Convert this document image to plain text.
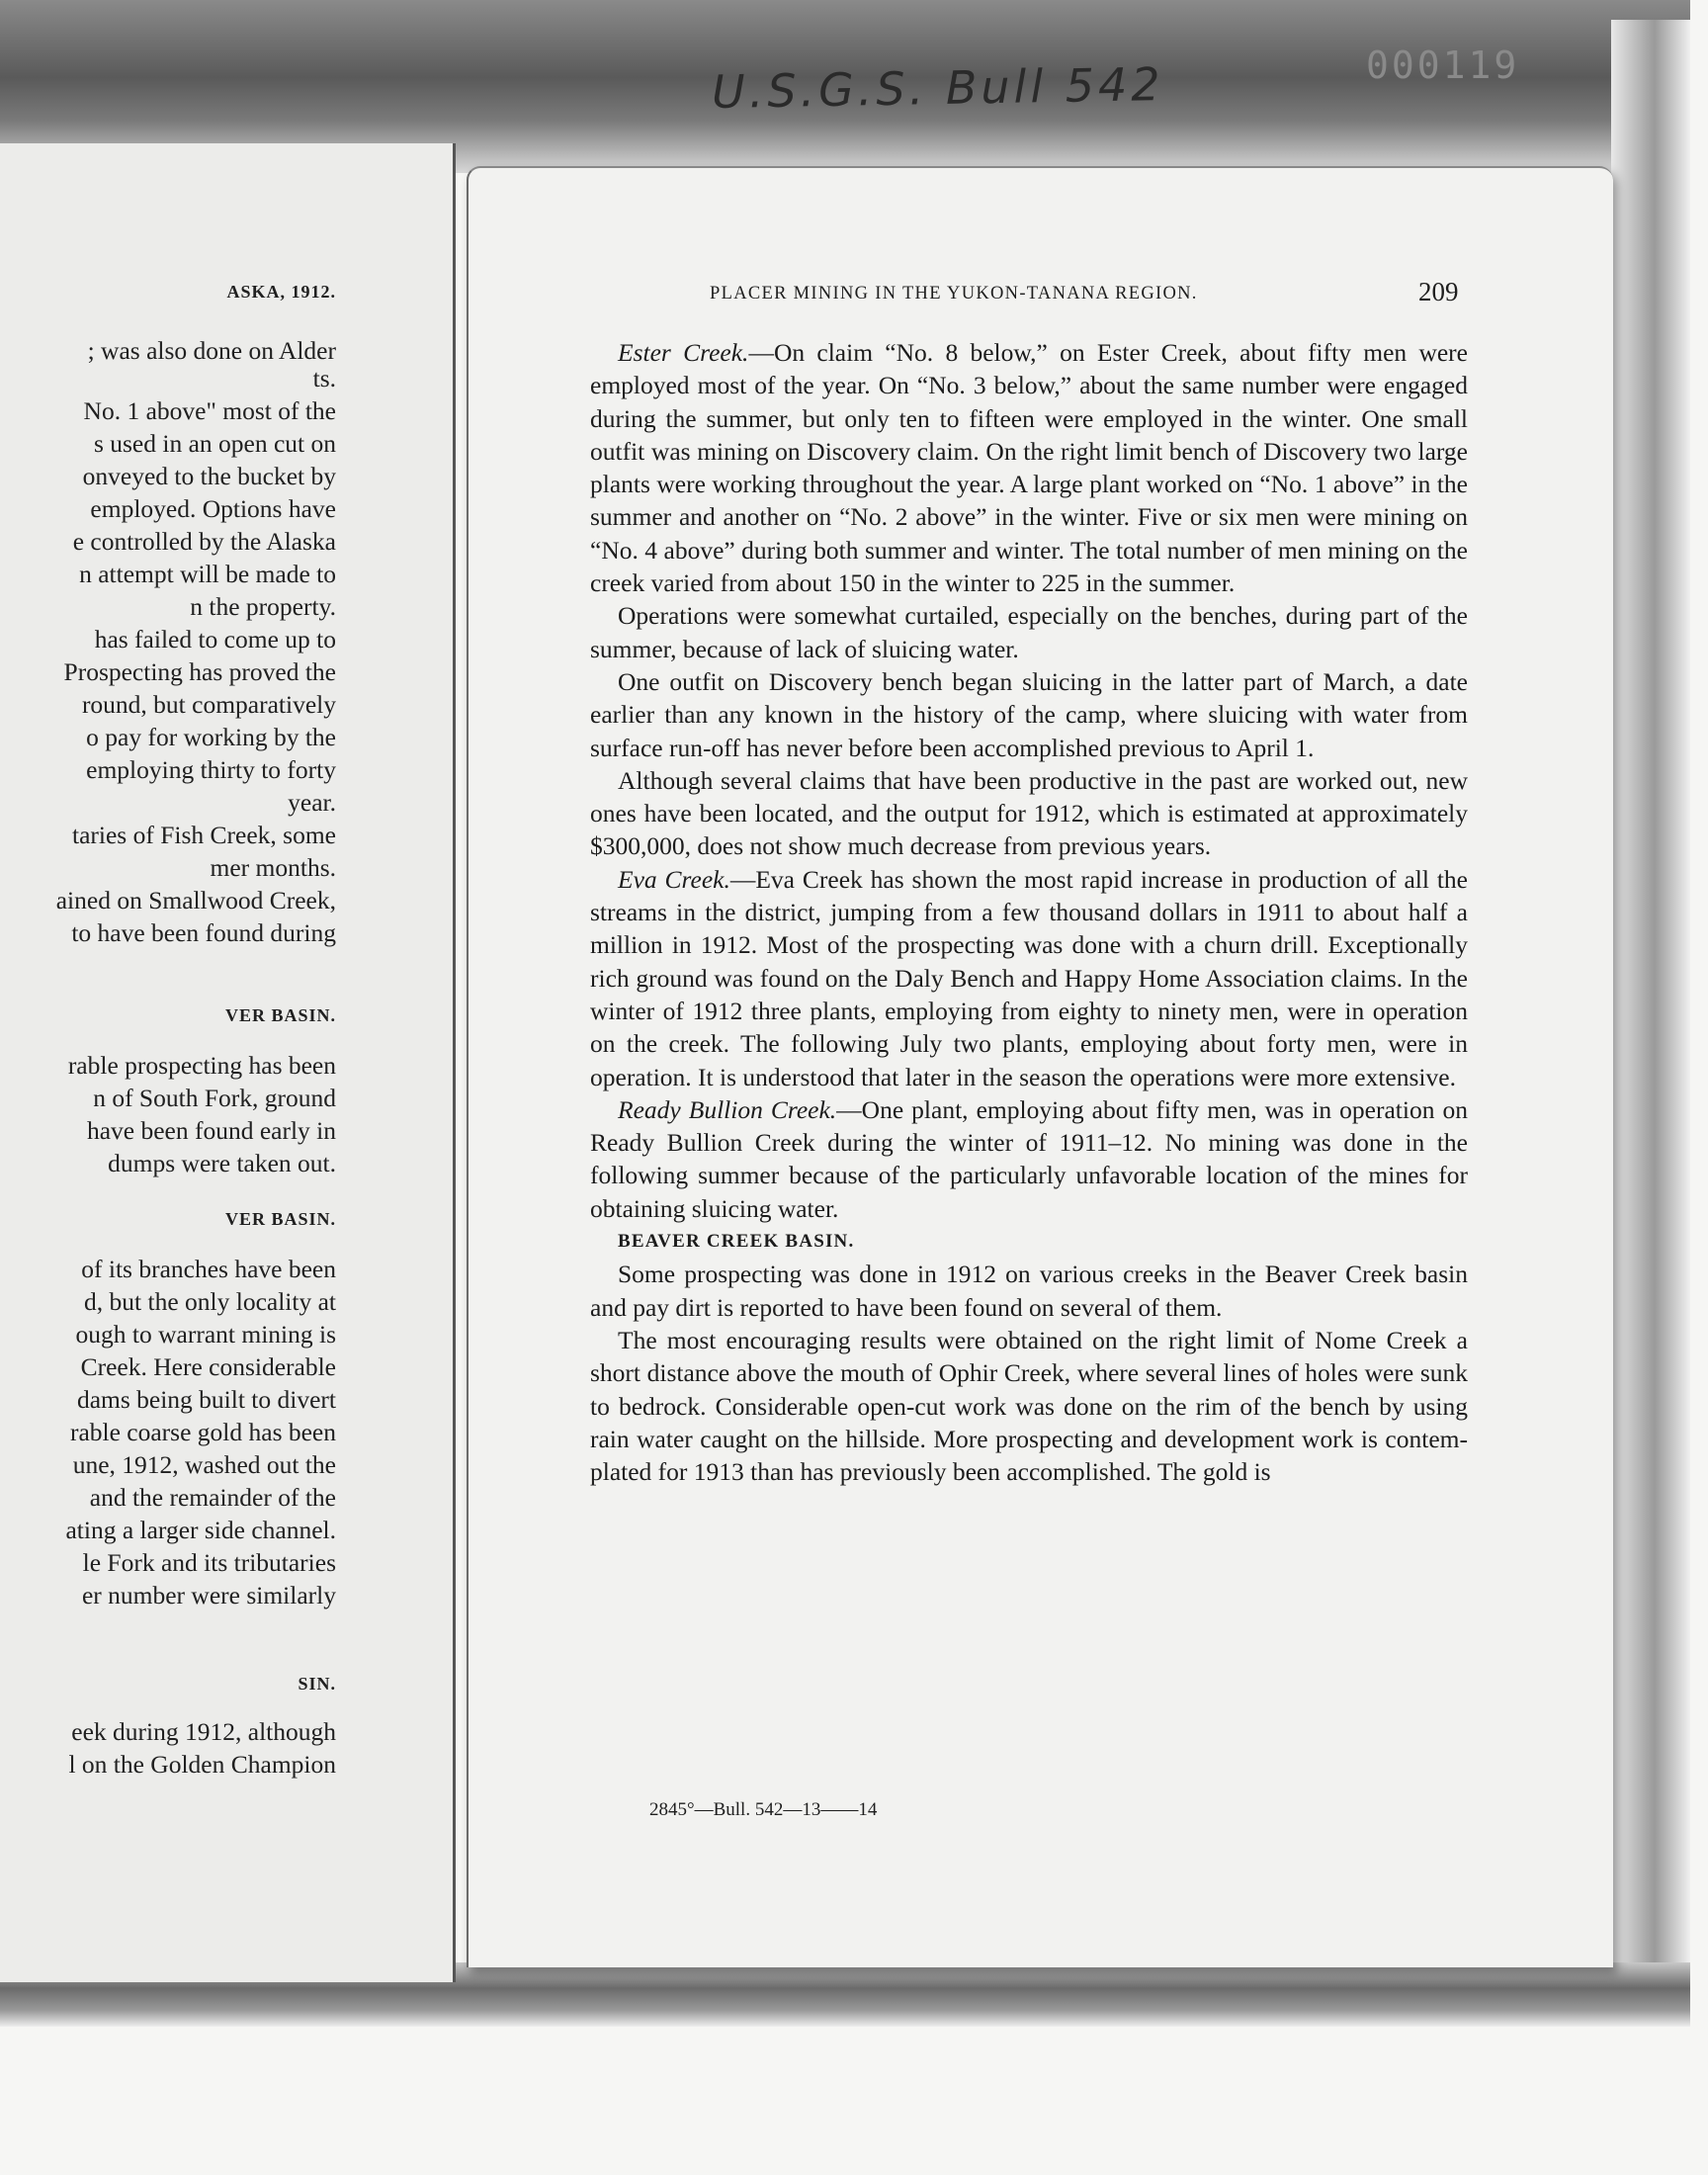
U.S.G.S. Bull 542	000119
ASKA, 1912.
; was also done on Alder
ts.
No. 1 above" most of the
s used in an open cut on
onveyed to the bucket by
employed. Options have
e controlled by the Alaska
n attempt will be made to
n the property.
has failed to come up to
Prospecting has proved the
round, but comparatively
o pay for working by the
employing thirty to forty
year.
taries of Fish Creek, some
mer months.
ained on Smallwood Creek,
to have been found during
VER BASIN.
rable prospecting has been
n of South Fork, ground
have been found early in
dumps were taken out.
VER BASIN.
of its branches have been
d, but the only locality at
ough to warrant mining is
Creek. Here considerable
dams being built to divert
rable coarse gold has been
une, 1912, washed out the
and the remainder of the
ating a larger side channel.
le Fork and its tributaries
er number were similarly
SIN.
eek during 1912, although
l on the Golden Champion
PLACER MINING IN THE YUKON-TANANA REGION.	209

Ester Creek.—On claim “No. 8 below,” on Ester Creek, about fifty men were employed most of the year. On “No. 3 below,” about the same number were engaged during the summer, but only ten to fifteen were employed in the winter. One small outfit was mining on Discovery claim. On the right limit bench of Discovery two large plants were working throughout the year. A large plant worked on “No. 1 above” in the summer and another on “No. 2 above” in the winter. Five or six men were mining on “No. 4 above” during both summer and winter. The total number of men mining on the creek varied from about 150 in the winter to 225 in the summer.

Operations were somewhat curtailed, especially on the benches, during part of the summer, because of lack of sluicing water.

One outfit on Discovery bench began sluicing in the latter part of March, a date earlier than any known in the history of the camp, where sluicing with water from surface run-off has never before been accomplished previous to April 1.

Although several claims that have been productive in the past are worked out, new ones have been located, and the output for 1912, which is estimated at approximately $300,000, does not show much decrease from previous years.

Eva Creek.—Eva Creek has shown the most rapid increase in production of all the streams in the district, jumping from a few thousand dollars in 1911 to about half a million in 1912. Most of the prospecting was done with a churn drill. Exceptionally rich ground was found on the Daly Bench and Happy Home Association claims. In the winter of 1912 three plants, employing from eighty to ninety men, were in operation on the creek. The following July two plants, employing about forty men, were in operation. It is understood that later in the season the operations were more extensive.

Ready Bullion Creek.—One plant, employing about fifty men, was in operation on Ready Bullion Creek during the winter of 1911–12. No mining was done in the following summer because of the particularly unfavorable location of the mines for obtaining sluicing water.

BEAVER CREEK BASIN.

Some prospecting was done in 1912 on various creeks in the Beaver Creek basin and pay dirt is reported to have been found on several of them.

The most encouraging results were obtained on the right limit of Nome Creek a short distance above the mouth of Ophir Creek, where several lines of holes were sunk to bedrock. Considerable open-cut work was done on the rim of the bench by using rain water caught on the hillside. More prospecting and development work is contemplated for 1913 than has previously been accomplished. The gold is

2845°—Bull. 542—13——14
